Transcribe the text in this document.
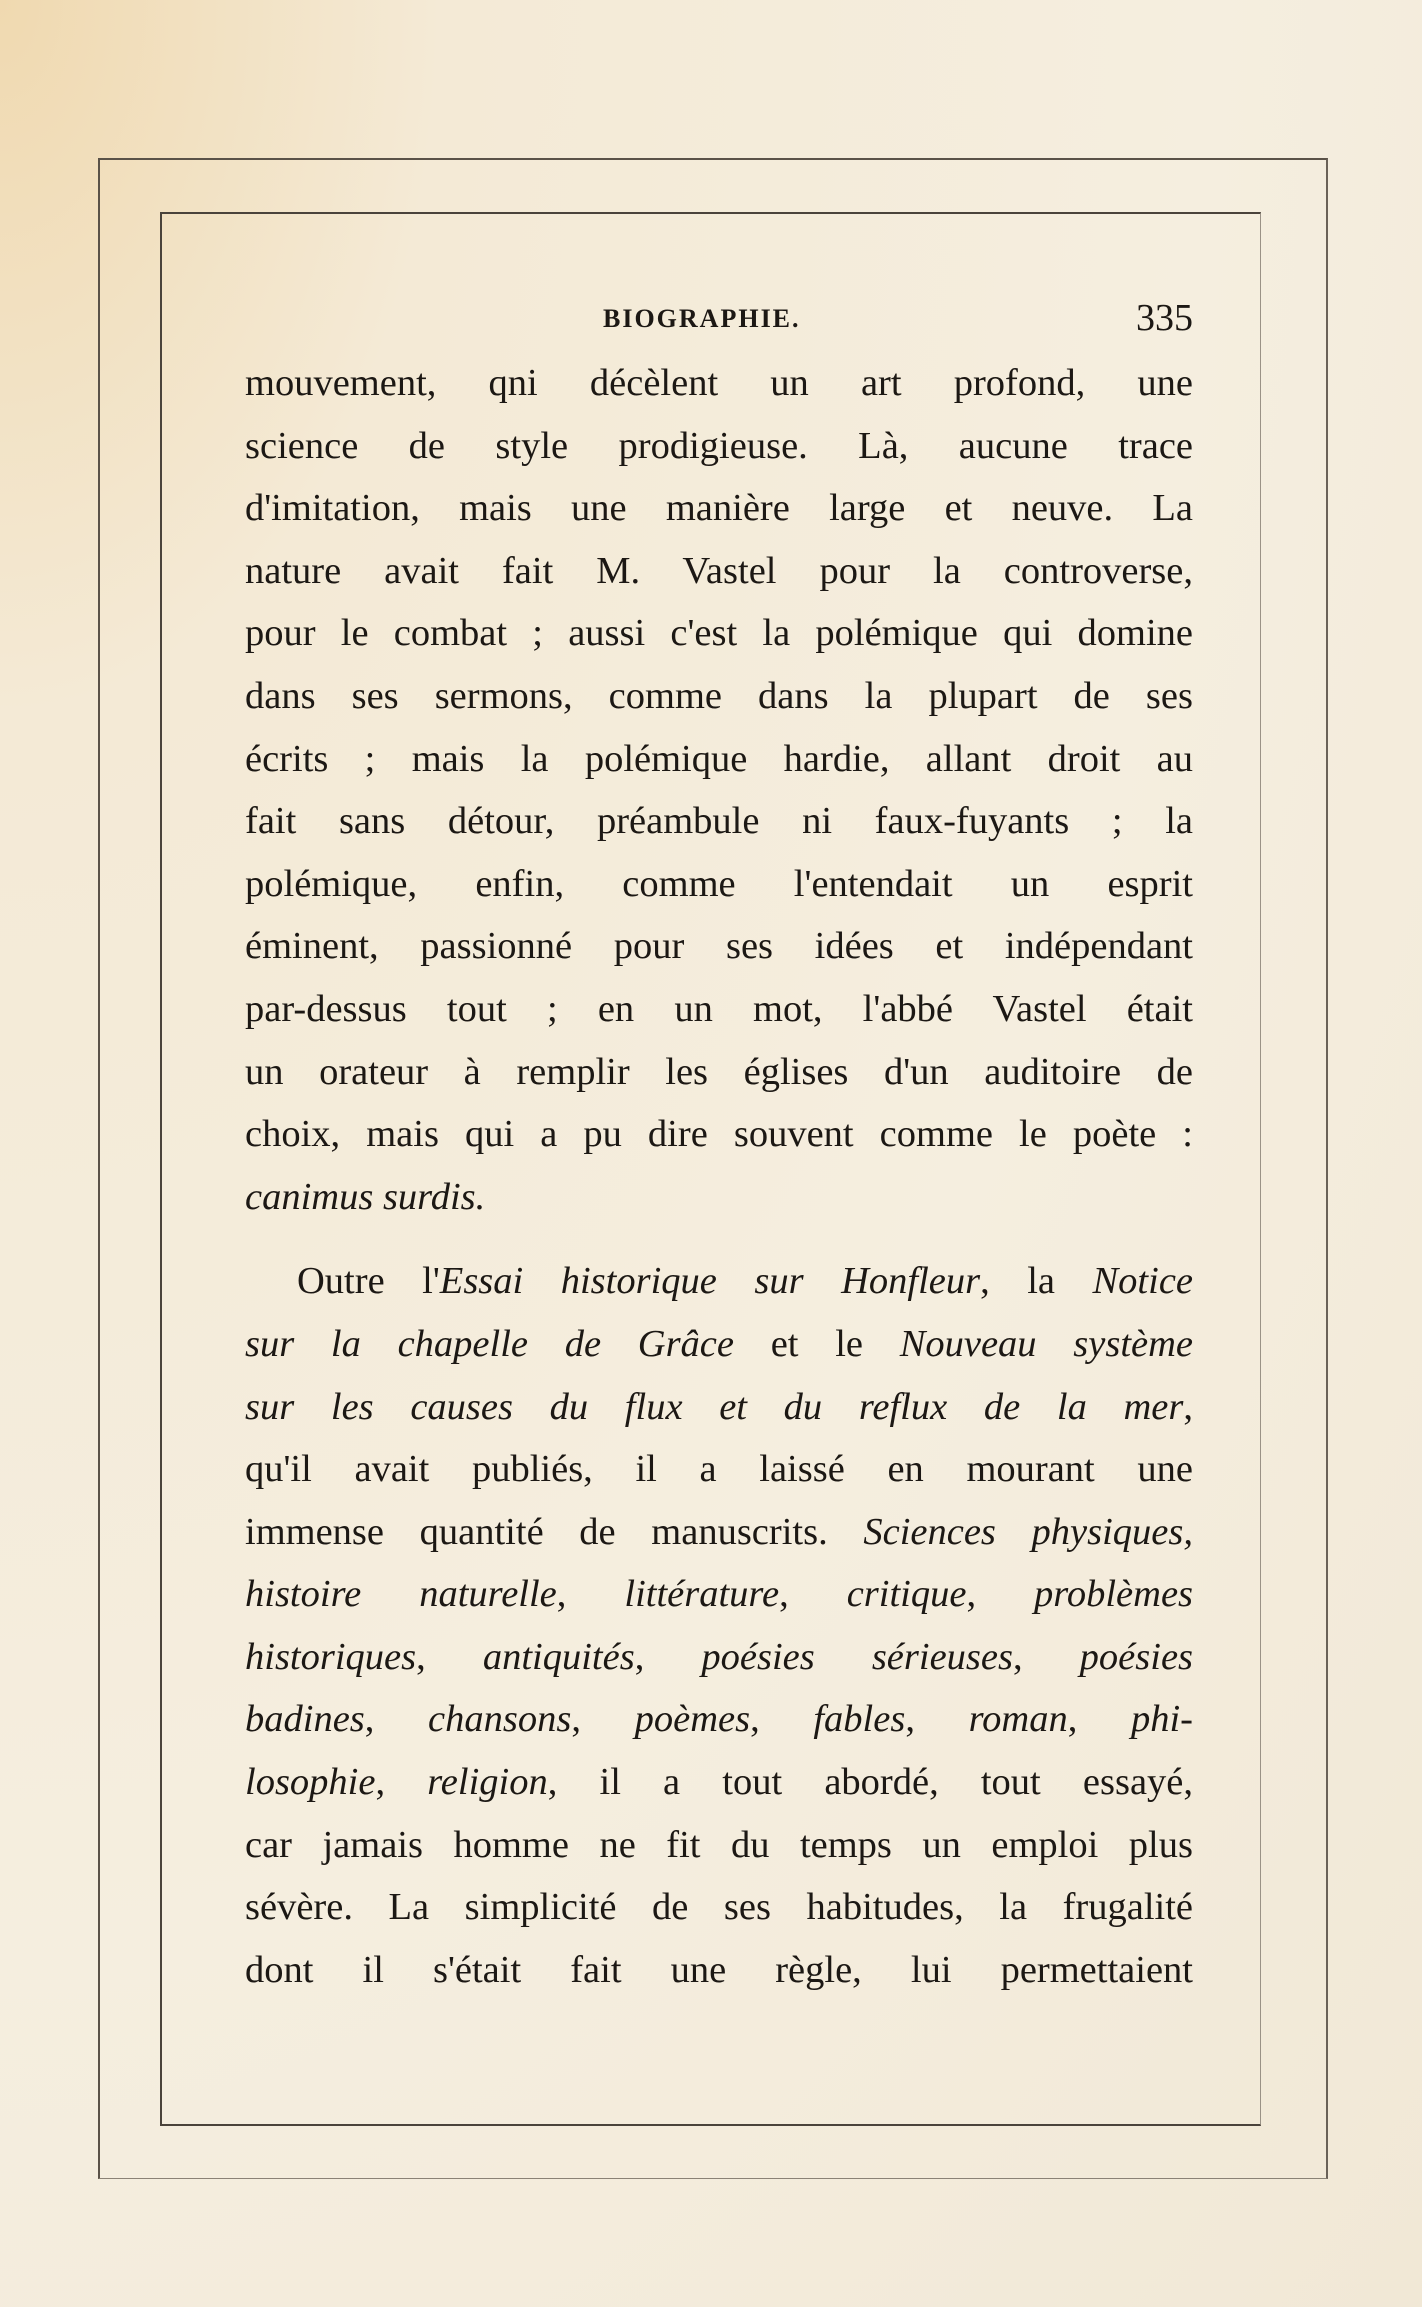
BIOGRAPHIE.	335

mouvement, qni décèlent un art profond, une
science de style prodigieuse. Là, aucune trace
d'imitation, mais une manière large et neuve. La
nature avait fait M. Vastel pour la controverse,
pour le combat ; aussi c'est la polémique qui domine
dans ses sermons, comme dans la plupart de ses
écrits ; mais la polémique hardie, allant droit au
fait sans détour, préambule ni faux-fuyants ; la
polémique, enfin, comme l'entendait un esprit
éminent, passionné pour ses idées et indépendant
par-dessus tout ; en un mot, l'abbé Vastel était
un orateur à remplir les églises d'un auditoire de
choix, mais qui a pu dire souvent comme le poète :
canimus surdis.

Outre l'Essai historique sur Honfleur, la Notice
sur la chapelle de Grâce et le Nouveau système
sur les causes du flux et du reflux de la mer,
qu'il avait publiés, il a laissé en mourant une
immense quantité de manuscrits. Sciences physiques,
histoire naturelle, littérature, critique, problèmes
historiques, antiquités, poésies sérieuses, poésies
badines, chansons, poèmes, fables, roman, phi-
losophie, religion, il a tout abordé, tout essayé,
car jamais homme ne fit du temps un emploi plus
sévère. La simplicité de ses habitudes, la frugalité
dont il s'était fait une règle, lui permettaient
